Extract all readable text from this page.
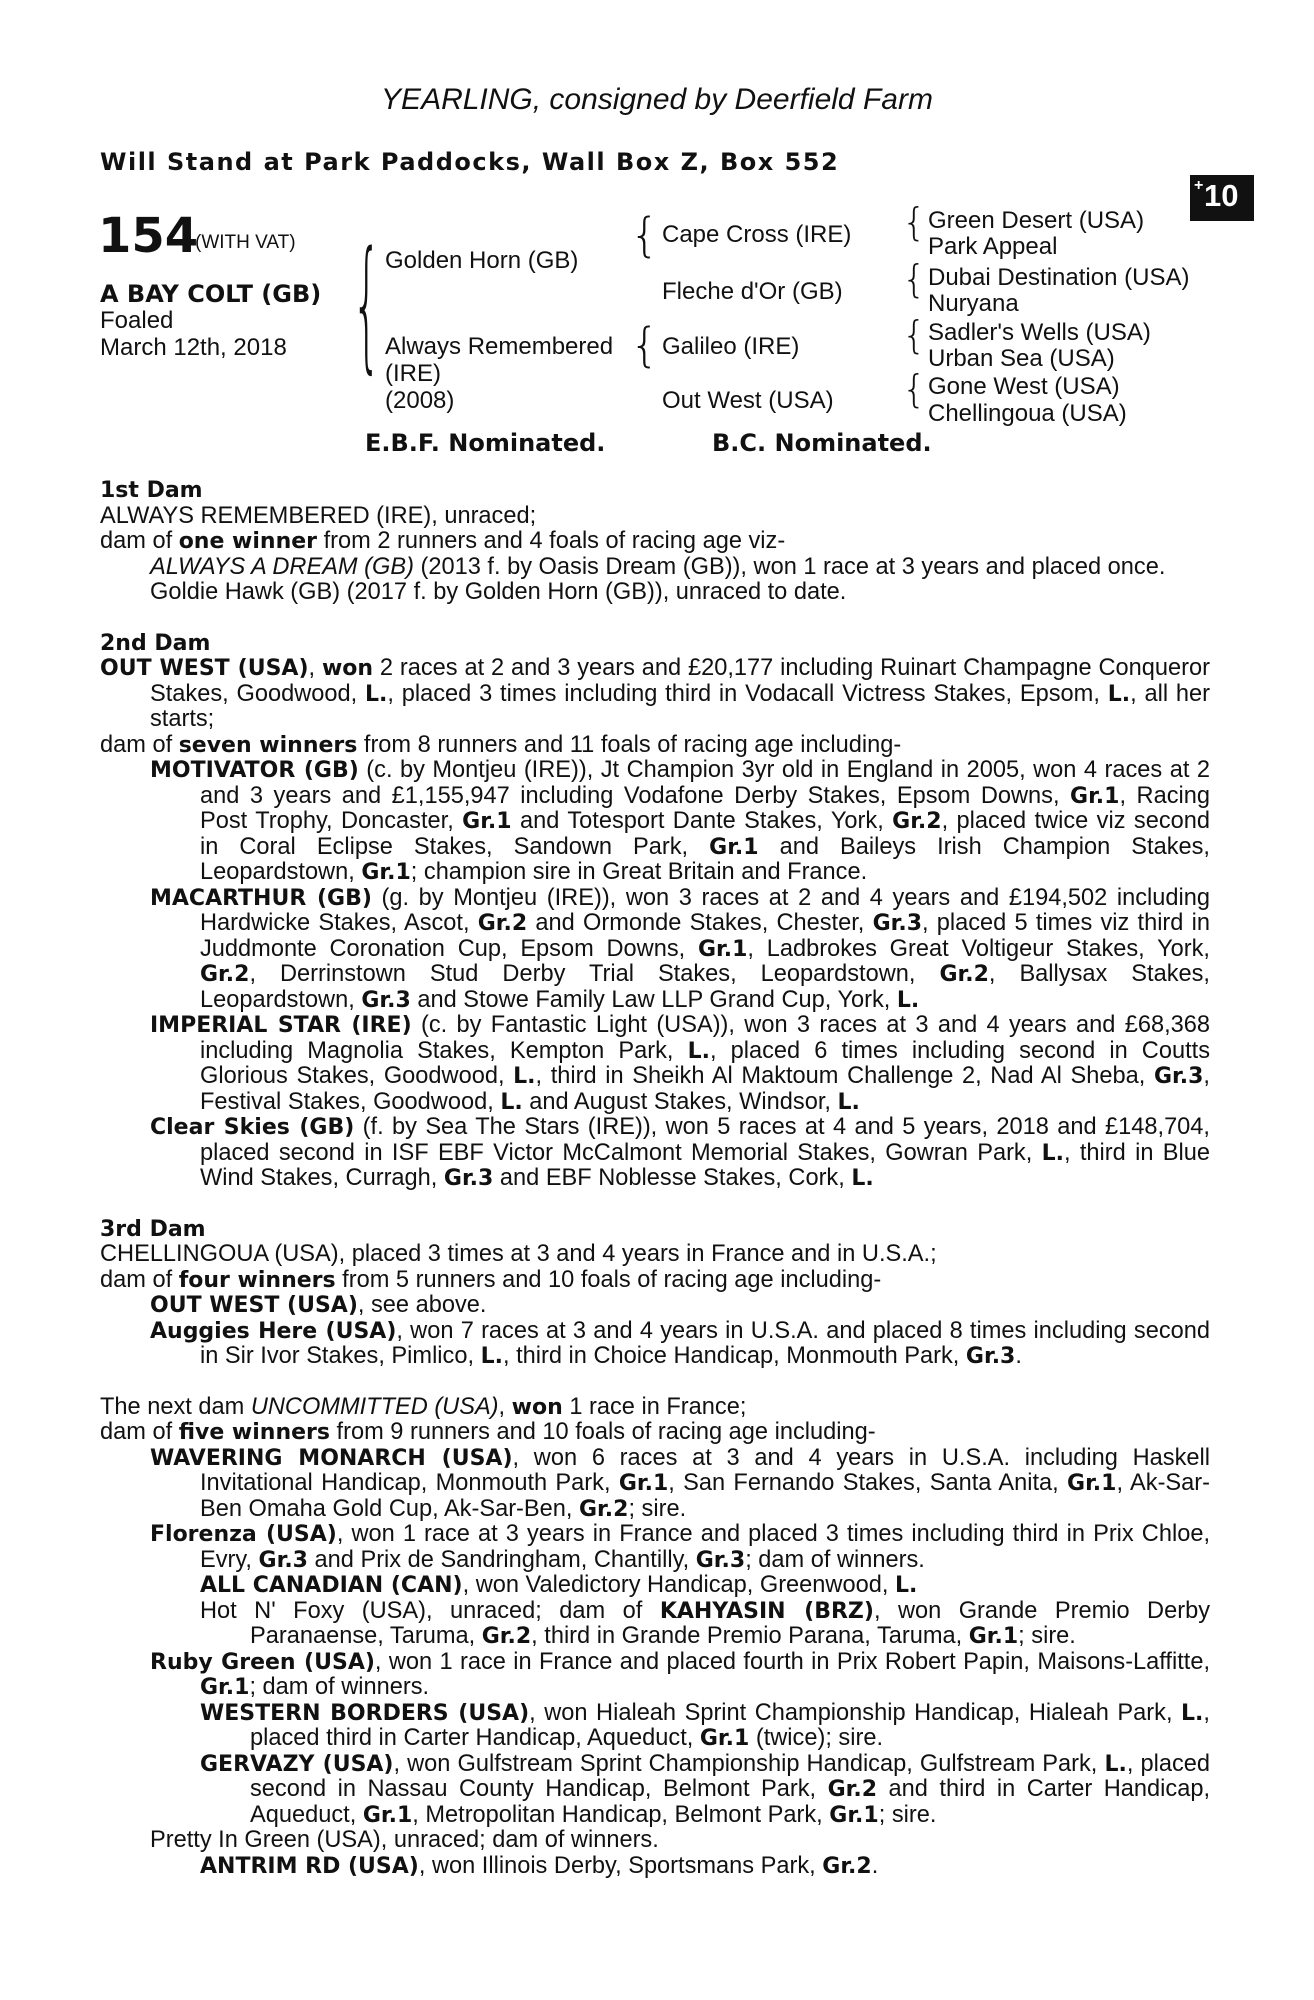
YEARLING, consigned by Deerfield Farm
Will Stand at Park Paddocks, Wall Box Z, Box 552
+ 10
154
(WITH VAT)
A BAY COLT (GB)
Foaled
March 12th, 2018 {	{
{
{
{
{
{
Golden Horn (GB)
Always Remembered
(IRE)
(2008)
Cape Cross (IRE)
Fleche d'Or (GB)
Galileo (IRE)
Out West (USA)
Green Desert (USA)
Park Appeal
Dubai Destination (USA)
Nuryana
Sadler's Wells (USA)
Urban Sea (USA)
Gone West (USA)
Chellingoua (USA)
E.B.F. Nominated.	B.C. Nominated.

1st Dam

ALWAYS REMEMBERED (IRE), unraced;

dam of one winner from 2 runners and 4 foals of racing age viz-

ALWAYS A DREAM (GB) (2013 f. by Oasis Dream (GB)), won 1 race at 3 years and placed once.

Goldie Hawk (GB) (2017 f. by Golden Horn (GB)), unraced to date.

2nd Dam

OUT WEST (USA), won 2 races at 2 and 3 years and £20,177 including Ruinart Champagne Conqueror Stakes, Goodwood, L., placed 3 times including third in Vodacall Victress Stakes, Epsom, L., all her starts;

dam of seven winners from 8 runners and 11 foals of racing age including-

MOTIVATOR (GB) (c. by Montjeu (IRE)), Jt Champion 3yr old in England in 2005, won 4 races at 2 and 3 years and £1,155,947 including Vodafone Derby Stakes, Epsom Downs, Gr.1, Racing Post Trophy, Doncaster, Gr.1 and Totesport Dante Stakes, York, Gr.2, placed twice viz second in Coral Eclipse Stakes, Sandown Park, Gr.1 and Baileys Irish Champion Stakes, Leopardstown, Gr.1; champion sire in Great Britain and France.

MACARTHUR (GB) (g. by Montjeu (IRE)), won 3 races at 2 and 4 years and £194,502 including Hardwicke Stakes, Ascot, Gr.2 and Ormonde Stakes, Chester, Gr.3, placed 5 times viz third in Juddmonte Coronation Cup, Epsom Downs, Gr.1, Ladbrokes Great Voltigeur Stakes, York, Gr.2, Derrinstown Stud Derby Trial Stakes, Leopardstown, Gr.2, Ballysax Stakes, Leopardstown, Gr.3 and Stowe Family Law LLP Grand Cup, York, L.

IMPERIAL STAR (IRE) (c. by Fantastic Light (USA)), won 3 races at 3 and 4 years and £68,368 including Magnolia Stakes, Kempton Park, L., placed 6 times including second in Coutts Glorious Stakes, Goodwood, L., third in Sheikh Al Maktoum Challenge 2, Nad Al Sheba, Gr.3, Festival Stakes, Goodwood, L. and August Stakes, Windsor, L.

Clear Skies (GB) (f. by Sea The Stars (IRE)), won 5 races at 4 and 5 years, 2018 and £148,704, placed second in ISF EBF Victor McCalmont Memorial Stakes, Gowran Park, L., third in Blue Wind Stakes, Curragh, Gr.3 and EBF Noblesse Stakes, Cork, L.

3rd Dam

CHELLINGOUA (USA), placed 3 times at 3 and 4 years in France and in U.S.A.;

dam of four winners from 5 runners and 10 foals of racing age including-

OUT WEST (USA), see above.

Auggies Here (USA), won 7 races at 3 and 4 years in U.S.A. and placed 8 times including second in Sir Ivor Stakes, Pimlico, L., third in Choice Handicap, Monmouth Park, Gr.3.

The next dam UNCOMMITTED (USA), won 1 race in France;

dam of five winners from 9 runners and 10 foals of racing age including-

WAVERING MONARCH (USA), won 6 races at 3 and 4 years in U.S.A. including Haskell Invitational Handicap, Monmouth Park, Gr.1, San Fernando Stakes, Santa Anita, Gr.1, Ak-Sar-Ben Omaha Gold Cup, Ak-Sar-Ben, Gr.2; sire.

Florenza (USA), won 1 race at 3 years in France and placed 3 times including third in Prix Chloe, Evry, Gr.3 and Prix de Sandringham, Chantilly, Gr.3; dam of winners.

ALL CANADIAN (CAN), won Valedictory Handicap, Greenwood, L.

Hot N' Foxy (USA), unraced; dam of KAHYASIN (BRZ), won Grande Premio Derby Paranaense, Taruma, Gr.2, third in Grande Premio Parana, Taruma, Gr.1; sire.

Ruby Green (USA), won 1 race in France and placed fourth in Prix Robert Papin, Maisons-Laffitte, Gr.1; dam of winners.

WESTERN BORDERS (USA), won Hialeah Sprint Championship Handicap, Hialeah Park, L., placed third in Carter Handicap, Aqueduct, Gr.1 (twice); sire.

GERVAZY (USA), won Gulfstream Sprint Championship Handicap, Gulfstream Park, L., placed second in Nassau County Handicap, Belmont Park, Gr.2 and third in Carter Handicap, Aqueduct, Gr.1, Metropolitan Handicap, Belmont Park, Gr.1; sire.

Pretty In Green (USA), unraced; dam of winners.

ANTRIM RD (USA), won Illinois Derby, Sportsmans Park, Gr.2.
